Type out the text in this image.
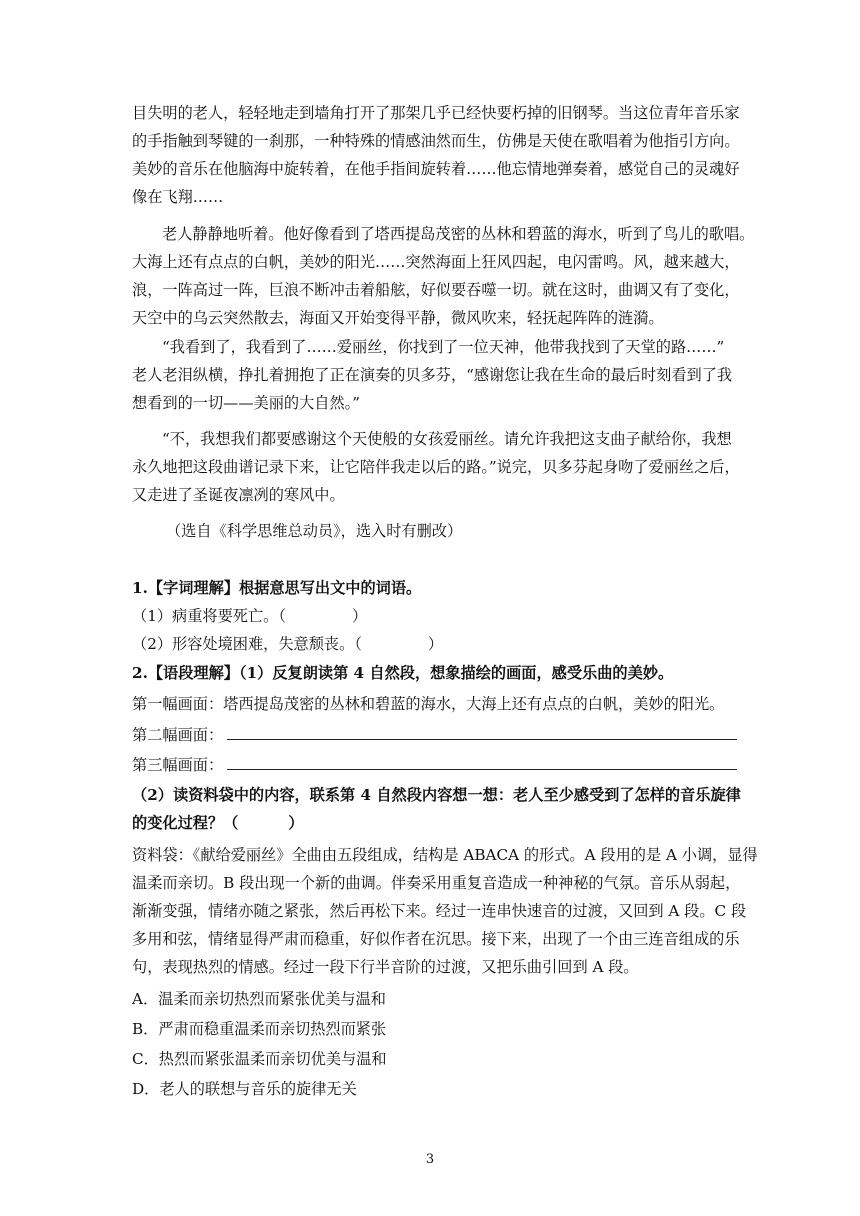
目失明的老人，轻轻地走到墙角打开了那架几乎已经快要朽掉的旧钢琴。当这位青年音乐家
的手指触到琴键的一刹那，一种特殊的情感油然而生，仿佛是天使在歌唱着为他指引方向。
美妙的音乐在他脑海中旋转着，在他手指间旋转着……他忘情地弹奏着，感觉自己的灵魂好
像在飞翔……
老人静静地听着。他好像看到了塔西提岛茂密的丛林和碧蓝的海水，听到了鸟儿的歌唱。
大海上还有点点的白帆，美妙的阳光……突然海面上狂风四起，电闪雷鸣。风，越来越大，
浪，一阵高过一阵，巨浪不断冲击着船舷，好似要吞噬一切。就在这时，曲调又有了变化，
天空中的乌云突然散去，海面又开始变得平静，微风吹来，轻抚起阵阵的涟漪。
“我看到了，我看到了……爱丽丝，你找到了一位天神，他带我找到了天堂的路……”
老人老泪纵横，挣扎着拥抱了正在演奏的贝多芬，“感谢您让我在生命的最后时刻看到了我
想看到的一切——美丽的大自然。”
“不，我想我们都要感谢这个天使般的女孩爱丽丝。请允许我把这支曲子献给你，我想
永久地把这段曲谱记录下来，让它陪伴我走以后的路。”说完，贝多芬起身吻了爱丽丝之后，
又走进了圣诞夜凛冽的寒风中。
（选自《科学思维总动员》，选入时有删改）
1.【字词理解】根据意思写出文中的词语。
（1）病重将要死亡。（	）
（2）形容处境困难，失意颓丧。（	）
2.【语段理解】（1）反复朗读第 4 自然段，想象描绘的画面，感受乐曲的美妙。
第一幅画面：塔西提岛茂密的丛林和碧蓝的海水，大海上还有点点的白帆，美妙的阳光。
第二幅画面：
第三幅画面：
（2）读资料袋中的内容，联系第 4 自然段内容想一想：老人至少感受到了怎样的音乐旋律
的变化过程？（	）
资料袋：《献给爱丽丝》全曲由五段组成，结构是 ABACA 的形式。A 段用的是 A 小调，显得
温柔而亲切。B 段出现一个新的曲调。伴奏采用重复音造成一种神秘的气氛。音乐从弱起，
渐渐变强，情绪亦随之紧张，然后再松下来。经过一连串快速音的过渡，又回到 A 段。C 段
多用和弦，情绪显得严肃而稳重，好似作者在沉思。接下来，出现了一个由三连音组成的乐
句，表现热烈的情感。经过一段下行半音阶的过渡，又把乐曲引回到 A 段。
A．温柔而亲切热烈而紧张优美与温和
B．严肃而稳重温柔而亲切热烈而紧张
C．热烈而紧张温柔而亲切优美与温和
D．老人的联想与音乐的旋律无关
3
